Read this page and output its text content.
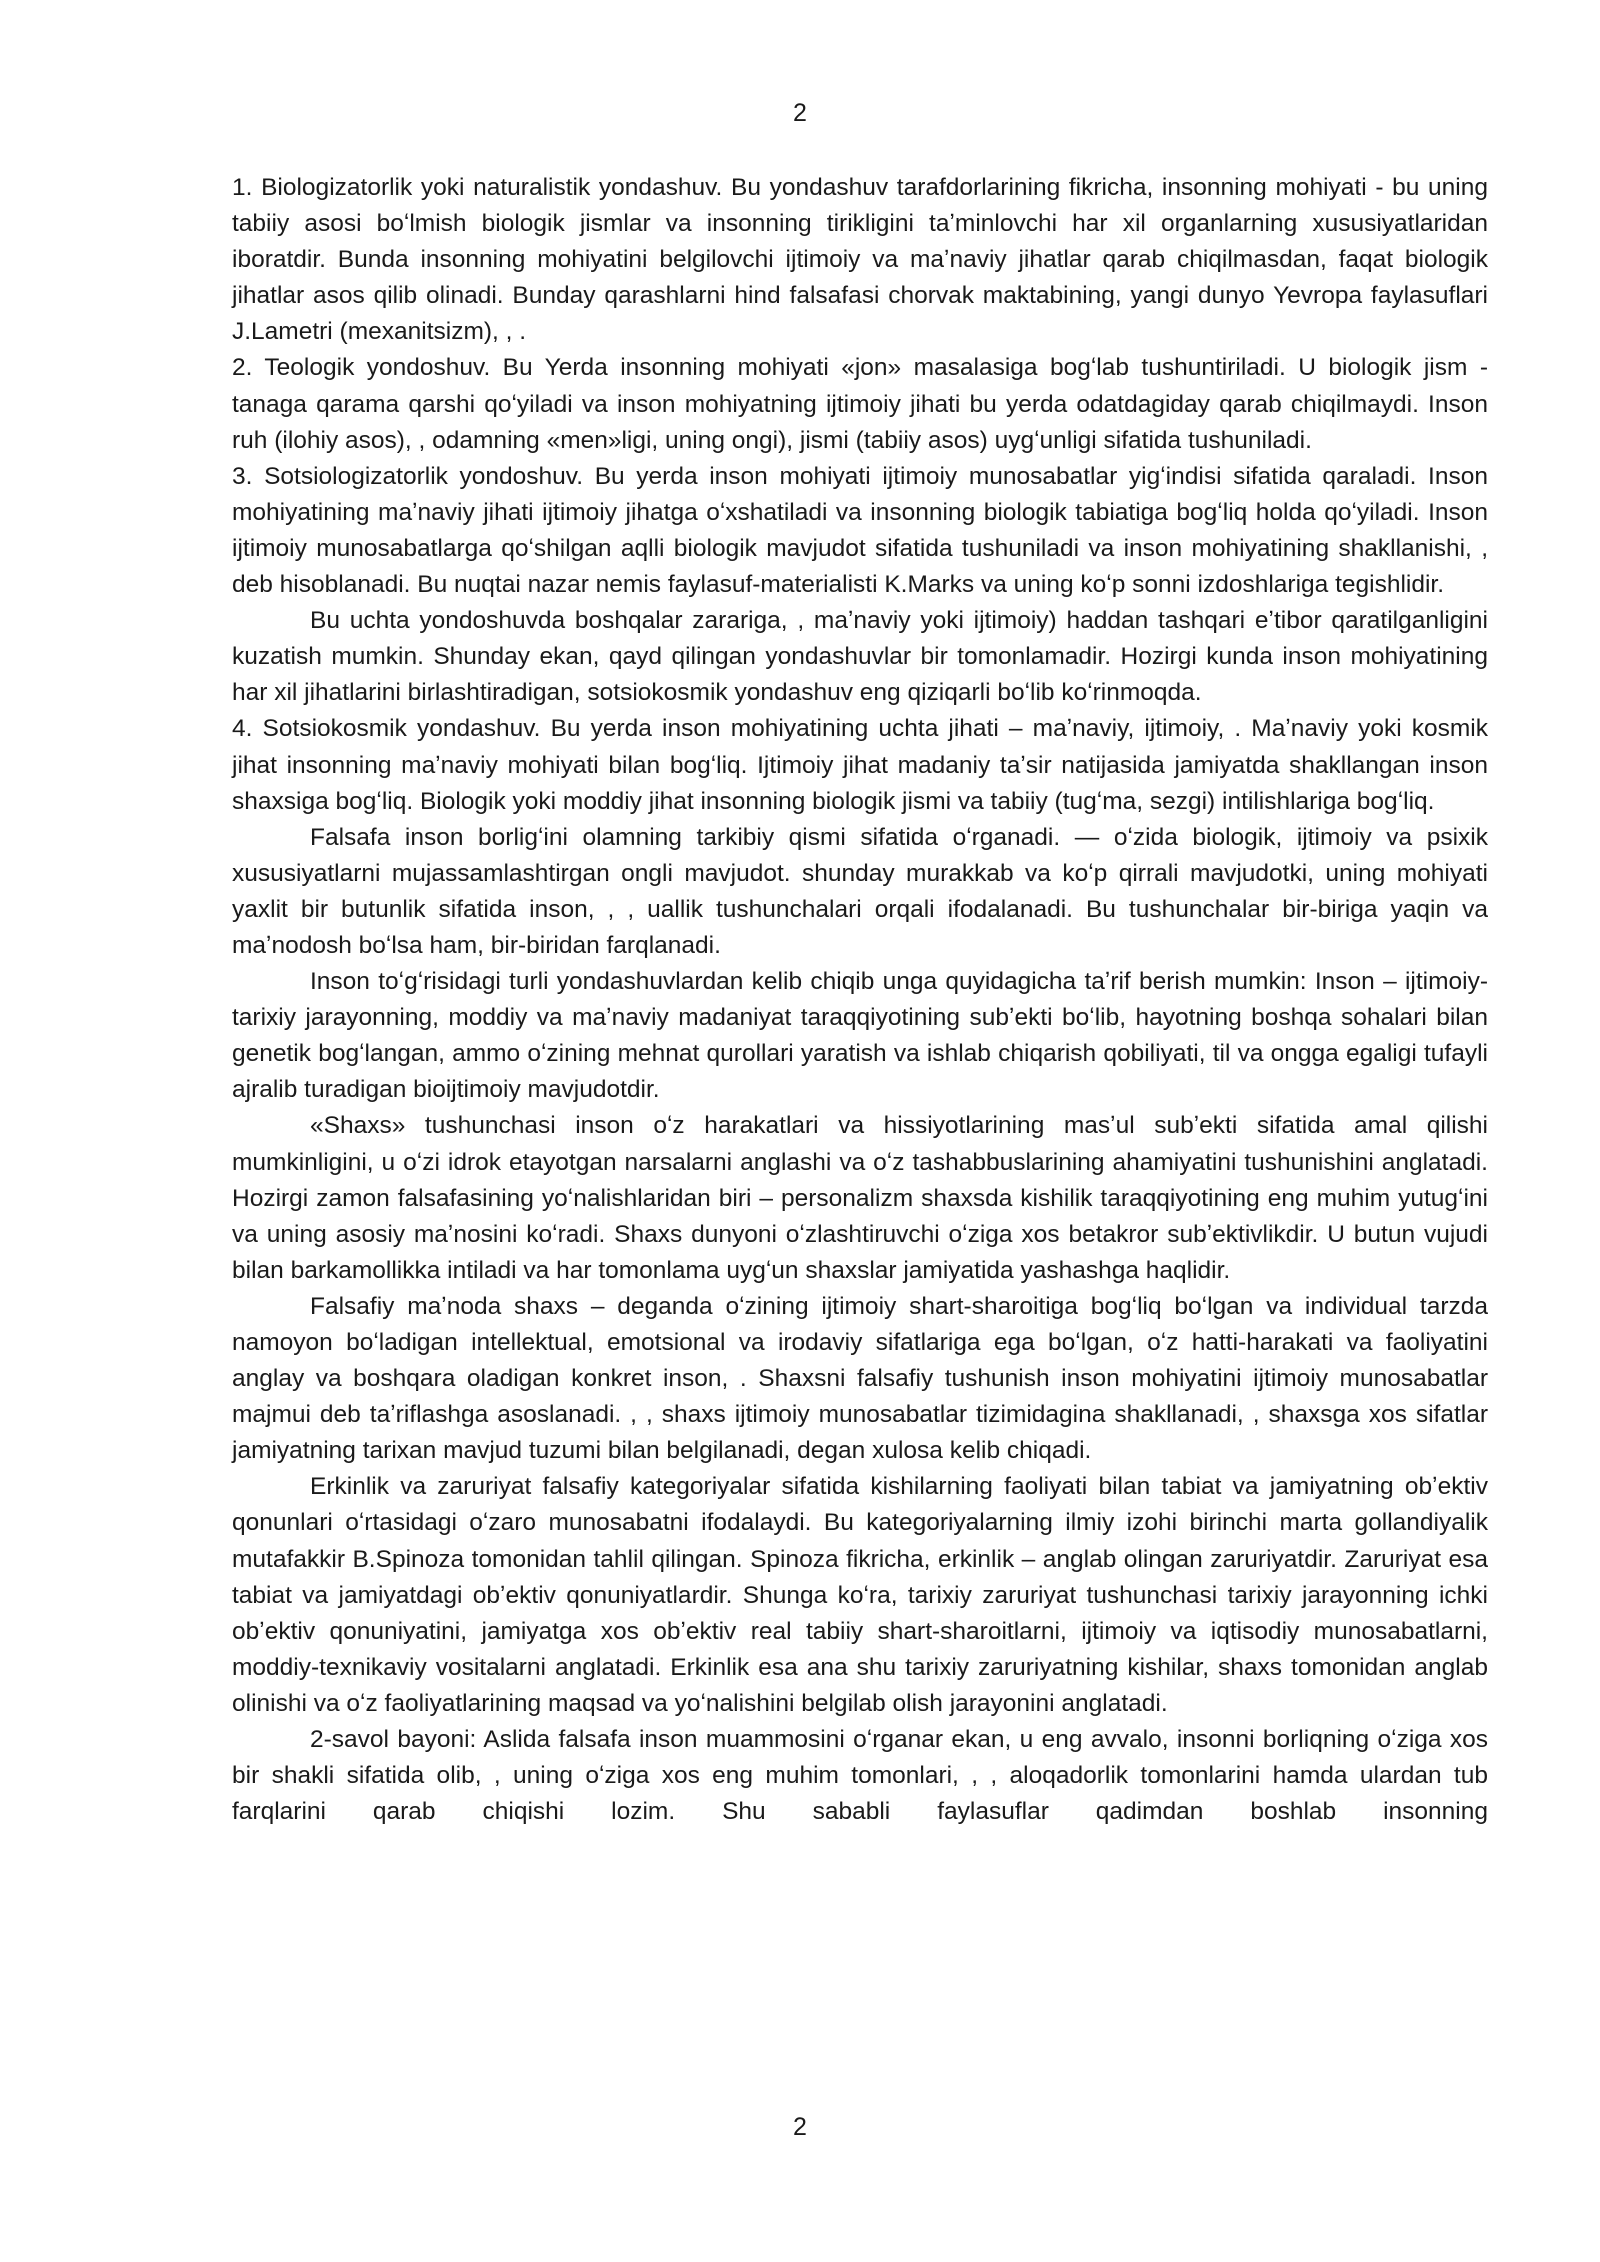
2

1. Biologizatorlik yoki naturalistik yondashuv. Bu yondashuv tarafdorlarining fikricha, insonning mohiyati - bu uning tabiiy asosi boʻlmish biologik jismlar va insonning tirikligini taʼminlovchi har xil organlarning xususiyatlaridan iboratdir. Bunda insonning mohiyatini belgilovchi ijtimoiy va maʼnaviy jihatlar qarab chiqilmasdan, faqat biologik jihatlar asos qilib olinadi. Bunday qarashlarni hind falsafasi chorvak maktabining, yangi dunyo Yevropa faylasuflari J.Lametri (mexanitsizm), , .

2. Teologik yondoshuv. Bu Yerda insonning mohiyati «jon» masalasiga bogʻlab tushuntiriladi. U biologik jism - tanaga qarama qarshi qoʻyiladi va inson mohiyatning ijtimoiy jihati bu yerda odatdagiday qarab chiqilmaydi. Inson ruh (ilohiy asos), , odamning «men»ligi, uning ongi), jismi (tabiiy asos) uygʻunligi sifatida tushuniladi.

3. Sotsiologizatorlik yondoshuv. Bu yerda inson mohiyati ijtimoiy munosabatlar yigʻindisi sifatida qaraladi. Inson mohiyatining maʼnaviy jihati ijtimoiy jihatga oʻxshatiladi va insonning biologik tabiatiga bogʻliq holda qoʻyiladi. Inson ijtimoiy munosabatlarga qoʻshilgan aqlli biologik mavjudot sifatida tushuniladi va inson mohiyatining shakllanishi, , deb hisoblanadi. Bu nuqtai nazar nemis faylasuf-materialisti K.Marks va uning koʻp sonni izdoshlariga tegishlidir.

Bu uchta yondoshuvda boshqalar zarariga, , maʼnaviy yoki ijtimoiy) haddan tashqari eʼtibor qaratilganligini kuzatish mumkin. Shunday ekan, qayd qilingan yondashuvlar bir tomonlamadir. Hozirgi kunda inson mohiyatining har xil jihatlarini birlashtiradigan, sotsiokosmik yondashuv eng qiziqarli boʻlib koʻrinmoqda.

4. Sotsiokosmik yondashuv. Bu yerda inson mohiyatining uchta jihati – maʼnaviy, ijtimoiy, . Maʼnaviy yoki kosmik jihat insonning maʼnaviy mohiyati bilan bogʻliq. Ijtimoiy jihat madaniy taʼsir natijasida jamiyatda shakllangan inson shaxsiga bogʻliq. Biologik yoki moddiy jihat insonning biologik jismi va tabiiy (tugʻma, sezgi) intilishlariga bogʻliq.

Falsafa inson borligʻini olamning tarkibiy qismi sifatida oʻrganadi. — oʻzida biologik, ijtimoiy va psixik xususiyatlarni mujassamlashtirgan ongli mavjudot. shunday murakkab va koʻp qirrali mavjudotki, uning mohiyati yaxlit bir butunlik sifatida inson, , , uallik tushunchalari orqali ifodalanadi. Bu tushunchalar bir-biriga yaqin va maʼnodosh boʻlsa ham, bir-biridan farqlanadi.

Inson toʻgʻrisidagi turli yondashuvlardan kelib chiqib unga quyidagicha taʼrif berish mumkin: Inson – ijtimoiy-tarixiy jarayonning, moddiy va maʼnaviy madaniyat taraqqiyotining subʼekti boʻlib, hayotning boshqa sohalari bilan genetik bogʻlangan, ammo oʻzining mehnat qurollari yaratish va ishlab chiqarish qobiliyati, til va ongga egaligi tufayli ajralib turadigan bioijtimoiy mavjudotdir.

«Shaxs» tushunchasi inson oʻz harakatlari va hissiyotlarining masʼul subʼekti sifatida amal qilishi mumkinligini, u oʻzi idrok etayotgan narsalarni anglashi va oʻz tashabbuslarining ahamiyatini tushunishini anglatadi. Hozirgi zamon falsafasining yoʻnalishlaridan biri – personalizm shaxsda kishilik taraqqiyotining eng muhim yutugʻini va uning asosiy maʼnosini koʻradi. Shaxs dunyoni oʻzlashtiruvchi oʻziga xos betakror subʼektivlikdir. U butun vujudi bilan barkamollikka intiladi va har tomonlama uygʻun shaxslar jamiyatida yashashga haqlidir.

Falsafiy maʼnoda shaxs – deganda oʻzining ijtimoiy shart-sharoitiga bogʻliq boʻlgan va individual tarzda namoyon boʻladigan intellektual, emotsional va irodaviy sifatlariga ega boʻlgan, oʻz hatti-harakati va faoliyatini anglay va boshqara oladigan konkret inson, . Shaxsni falsafiy tushunish inson mohiyatini ijtimoiy munosabatlar majmui deb taʼriflashga asoslanadi. , , shaxs ijtimoiy munosabatlar tizimidagina shakllanadi, , shaxsga xos sifatlar jamiyatning tarixan mavjud tuzumi bilan belgilanadi, degan xulosa kelib chiqadi.

Erkinlik va zaruriyat falsafiy kategoriyalar sifatida kishilarning faoliyati bilan tabiat va jamiyatning obʼektiv qonunlari oʻrtasidagi oʻzaro munosabatni ifodalaydi. Bu kategoriyalarning ilmiy izohi birinchi marta gollandiyalik mutafakkir B.Spinoza tomonidan tahlil qilingan. Spinoza fikricha, erkinlik – anglab olingan zaruriyatdir. Zaruriyat esa tabiat va jamiyatdagi obʼektiv qonuniyatlardir. Shunga koʻra, tarixiy zaruriyat tushunchasi tarixiy jarayonning ichki obʼektiv qonuniyatini, jamiyatga xos obʼektiv real tabiiy shart-sharoitlarni, ijtimoiy va iqtisodiy munosabatlarni, moddiy-texnikaviy vositalarni anglatadi. Erkinlik esa ana shu tarixiy zaruriyatning kishilar, shaxs tomonidan anglab olinishi va oʻz faoliyatlarining maqsad va yoʻnalishini belgilab olish jarayonini anglatadi.

2-savol bayoni: Aslida falsafa inson muammosini oʻrganar ekan, u eng avvalo, insonni borliqning oʻziga xos bir shakli sifatida olib, , uning oʻziga xos eng muhim tomonlari, , , aloqadorlik tomonlarini hamda ulardan tub farqlarini qarab chiqishi lozim. Shu sababli faylasuflar qadimdan boshlab insonning

2
